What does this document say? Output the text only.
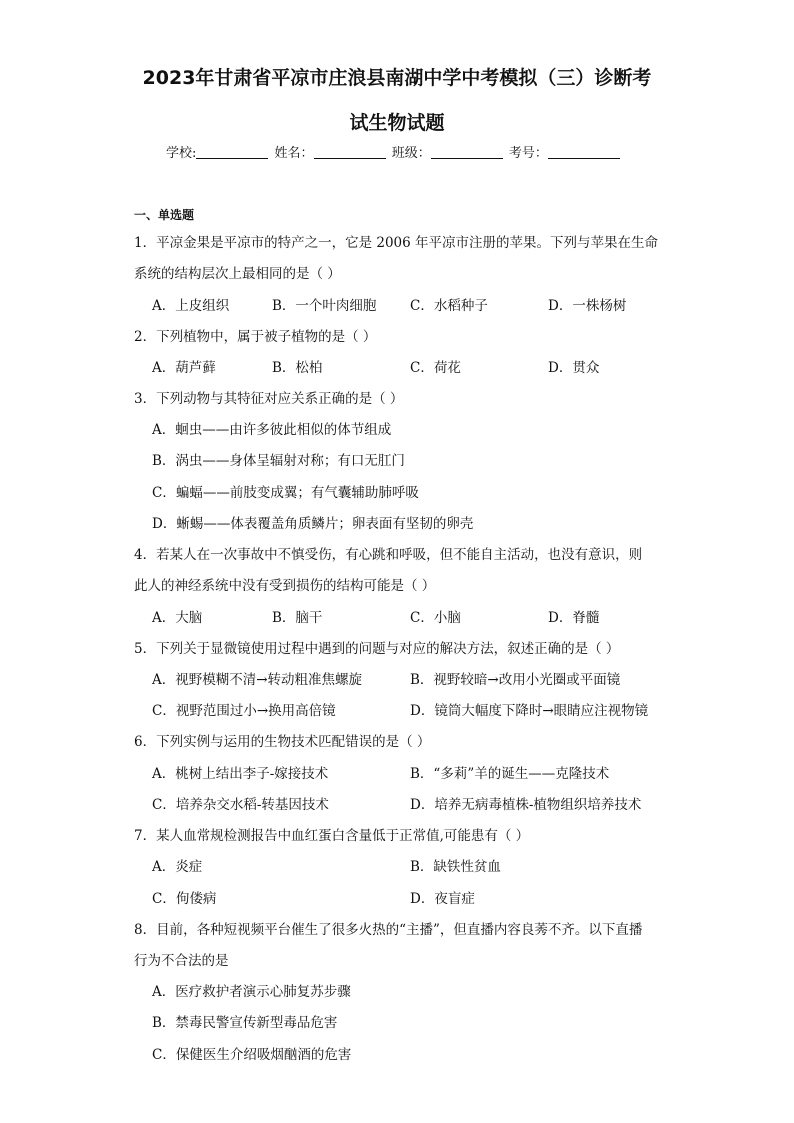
2023年甘肃省平凉市庄浪县南湖中学中考模拟（三）诊断考
试生物试题
学校:	姓名：	班级：	考号：
一、单选题
1．平凉金果是平凉市的特产之一，它是 2006 年平凉市注册的苹果。下列与苹果在生命
系统的结构层次上最相同的是（ ）
A．上皮组织	B．一个叶肉细胞 C．水稻种子	D．一株杨树
2．下列植物中，属于被子植物的是（ ）
A．葫芦藓	B．松柏	C．荷花	D．贯众
3．下列动物与其特征对应关系正确的是（ ）
A．蛔虫——由许多彼此相似的体节组成
B．涡虫——身体呈辐射对称；有口无肛门
C．蝙蝠——前肢变成翼；有气囊辅助肺呼吸
D．蜥蜴——体表覆盖角质鳞片；卵表面有坚韧的卵壳
4．若某人在一次事故中不慎受伤，有心跳和呼吸，但不能自主活动，也没有意识，则
此人的神经系统中没有受到损伤的结构可能是（ ）
A．大脑	B．脑干	C．小脑	D．脊髓
5．下列关于显微镜使用过程中遇到的问题与对应的解决方法，叙述正确的是（ ）
A．视野模糊不清→转动粗准焦螺旋	B．视野较暗→改用小光圈或平面镜
C．视野范围过小→换用高倍镜	D．镜筒大幅度下降时→眼睛应注视物镜
6．下列实例与运用的生物技术匹配错误的是（ ）
A．桃树上结出李子-嫁接技术	B．“多莉”羊的诞生——克隆技术
C．培养杂交水稻-转基因技术	D．培养无病毒植株-植物组织培养技术
7．某人血常规检测报告中血红蛋白含量低于正常值,可能患有（ ）
A．炎症	B．缺铁性贫血
C．佝偻病	D．夜盲症
8．目前，各种短视频平台催生了很多火热的“主播”，但直播内容良莠不齐。以下直播
行为不合法的是
A．医疗救护者演示心肺复苏步骤
B．禁毒民警宣传新型毒品危害
C．保健医生介绍吸烟酗酒的危害
